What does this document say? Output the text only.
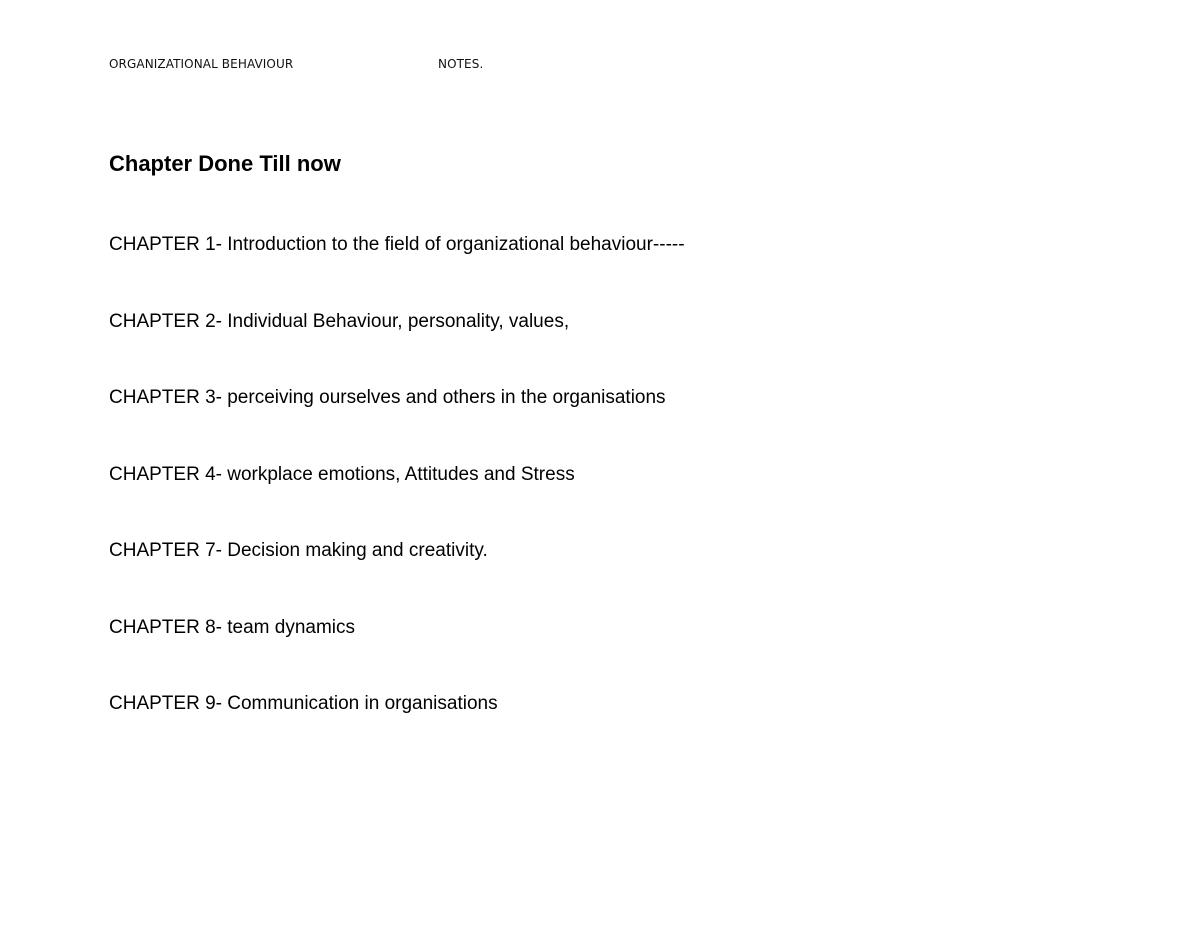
ORGANIZATIONAL BEHAVIOUR	NOTES.
Chapter Done Till now
CHAPTER 1- Introduction to the field of organizational behaviour-----
CHAPTER 2- Individual Behaviour, personality, values,
CHAPTER 3- perceiving ourselves and others in the organisations
CHAPTER 4- workplace emotions, Attitudes and Stress
CHAPTER 7- Decision making and creativity.
CHAPTER 8- team dynamics
CHAPTER 9- Communication in organisations
